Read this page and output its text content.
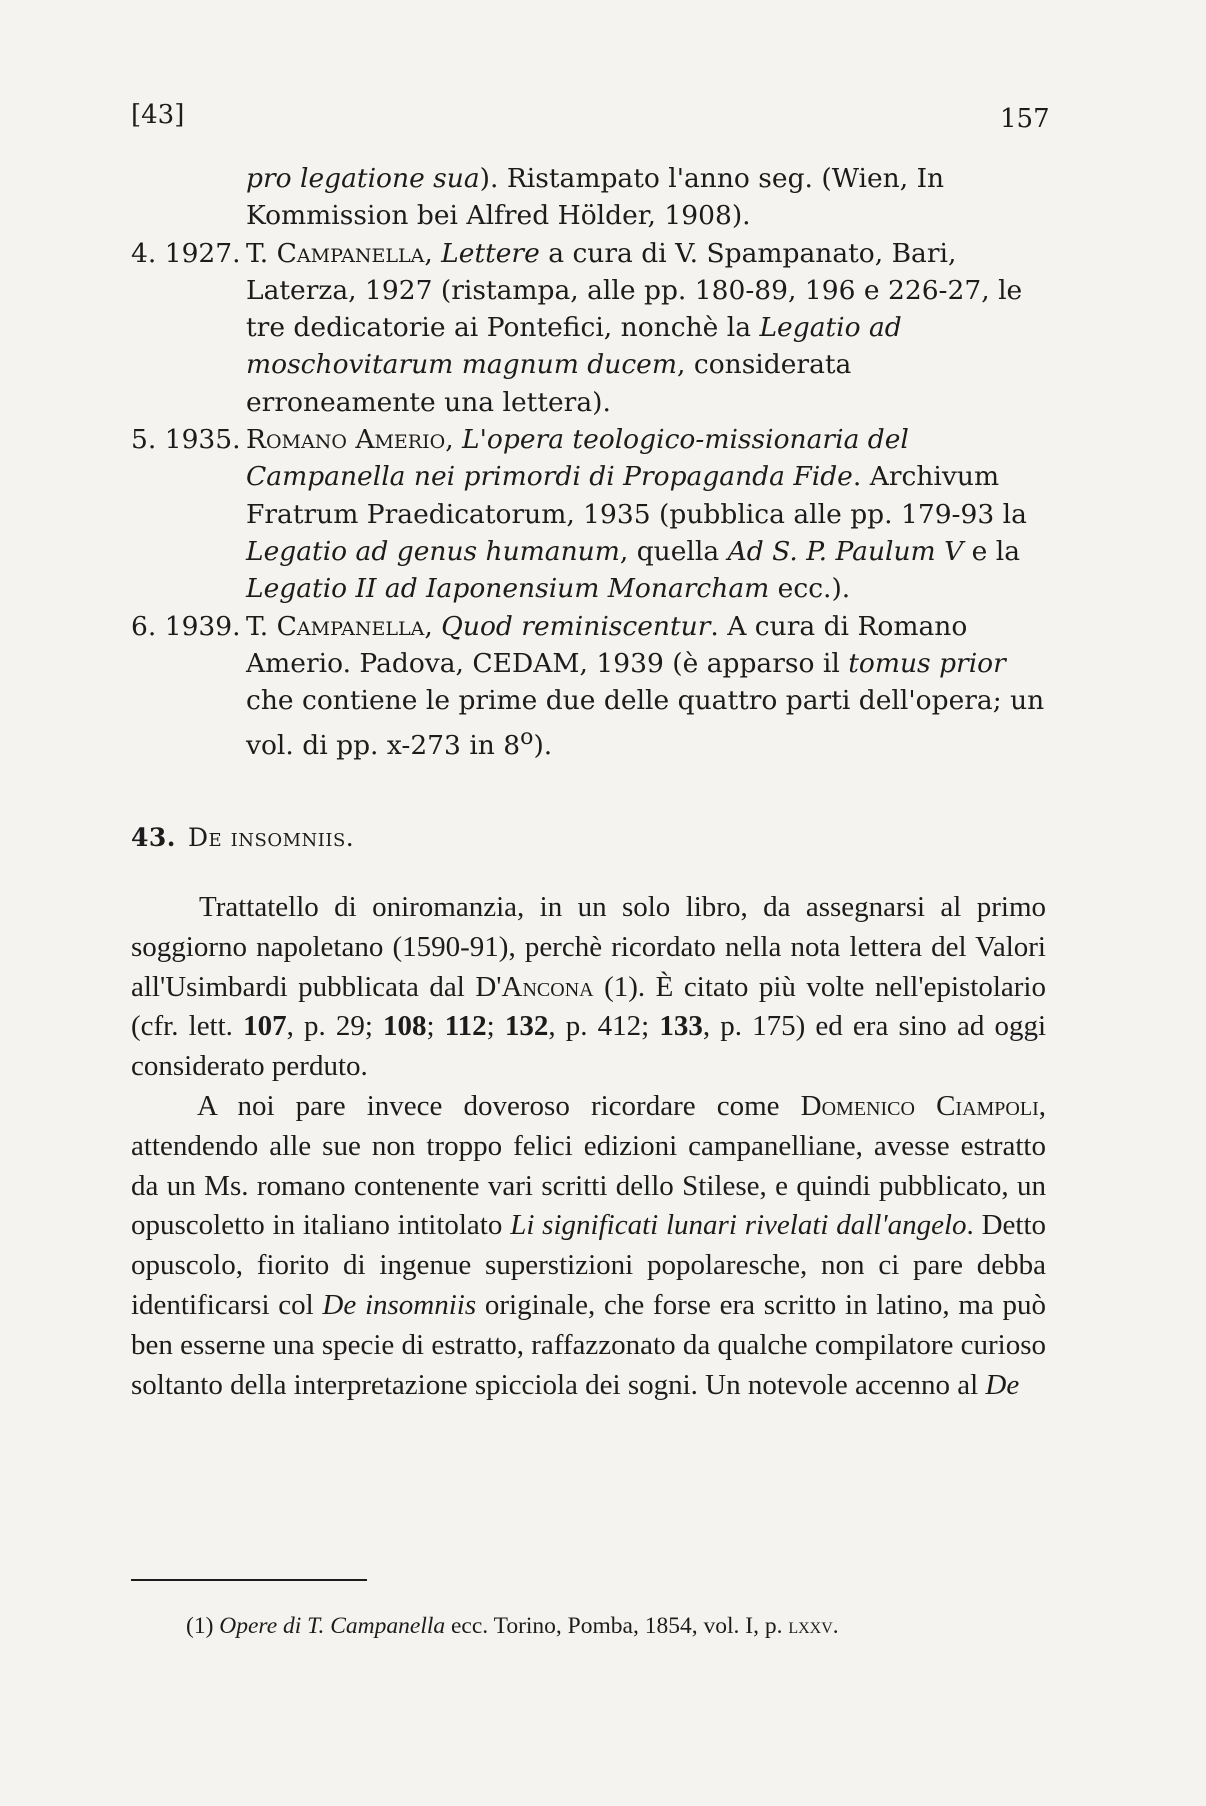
[43]	157
pro legatione sua). Ristampato l'anno seg. (Wien, In Kommission bei Alfred Hölder, 1908).
4. 1927. T. Campanella, Lettere a cura di V. Spampanato, Bari, Laterza, 1927 (ristampa, alle pp. 180-89, 196 e 226-27, le tre dedicatorie ai Pontefici, nonchè la Legatio ad moschovitarum magnum ducem, considerata erroneamente una lettera).
5. 1935. Romano Amerio, L'opera teologico-missionaria del Campanella nei primordi di Propaganda Fide. Archivum Fratrum Praedicatorum, 1935 (pubblica alle pp. 179-93 la Legatio ad genus humanum, quella Ad S. P. Paulum V e la Legatio II ad Iaponensium Monarcham ecc.).
6. 1939. T. Campanella, Quod reminiscentur. A cura di Romano Amerio. Padova, CEDAM, 1939 (è apparso il tomus prior che contiene le prime due delle quattro parti dell'opera; un vol. di pp. x-273 in 8$^o$).
43. De insomniis.

Trattatello di oniromanzia, in un solo libro, da assegnarsi al primo soggiorno napoletano (1590-91), perchè ricordato nella nota lettera del Valori all'Usimbardi pubblicata dal D'Ancona (1). È citato più volte nell'epistolario (cfr. lett. 107, p. 29; 108; 112; 132, p. 412; 133, p. 175) ed era sino ad oggi considerato perduto.

A noi pare invece doveroso ricordare come Domenico Ciampoli, attendendo alle sue non troppo felici edizioni campanelliane, avesse estratto da un Ms. romano contenente vari scritti dello Stilese, e quindi pubblicato, un opuscoletto in italiano intitolato Li significati lunari rivelati dall'angelo. Detto opuscolo, fiorito di ingenue superstizioni popolaresche, non ci pare debba identificarsi col De insomniis originale, che forse era scritto in latino, ma può ben esserne una specie di estratto, raffazzonato da qualche compilatore curioso soltanto della interpretazione spicciola dei sogni. Un notevole accenno al De

(1) Opere di T. Campanella ecc. Torino, Pomba, 1854, vol. I, p. lxxv.
